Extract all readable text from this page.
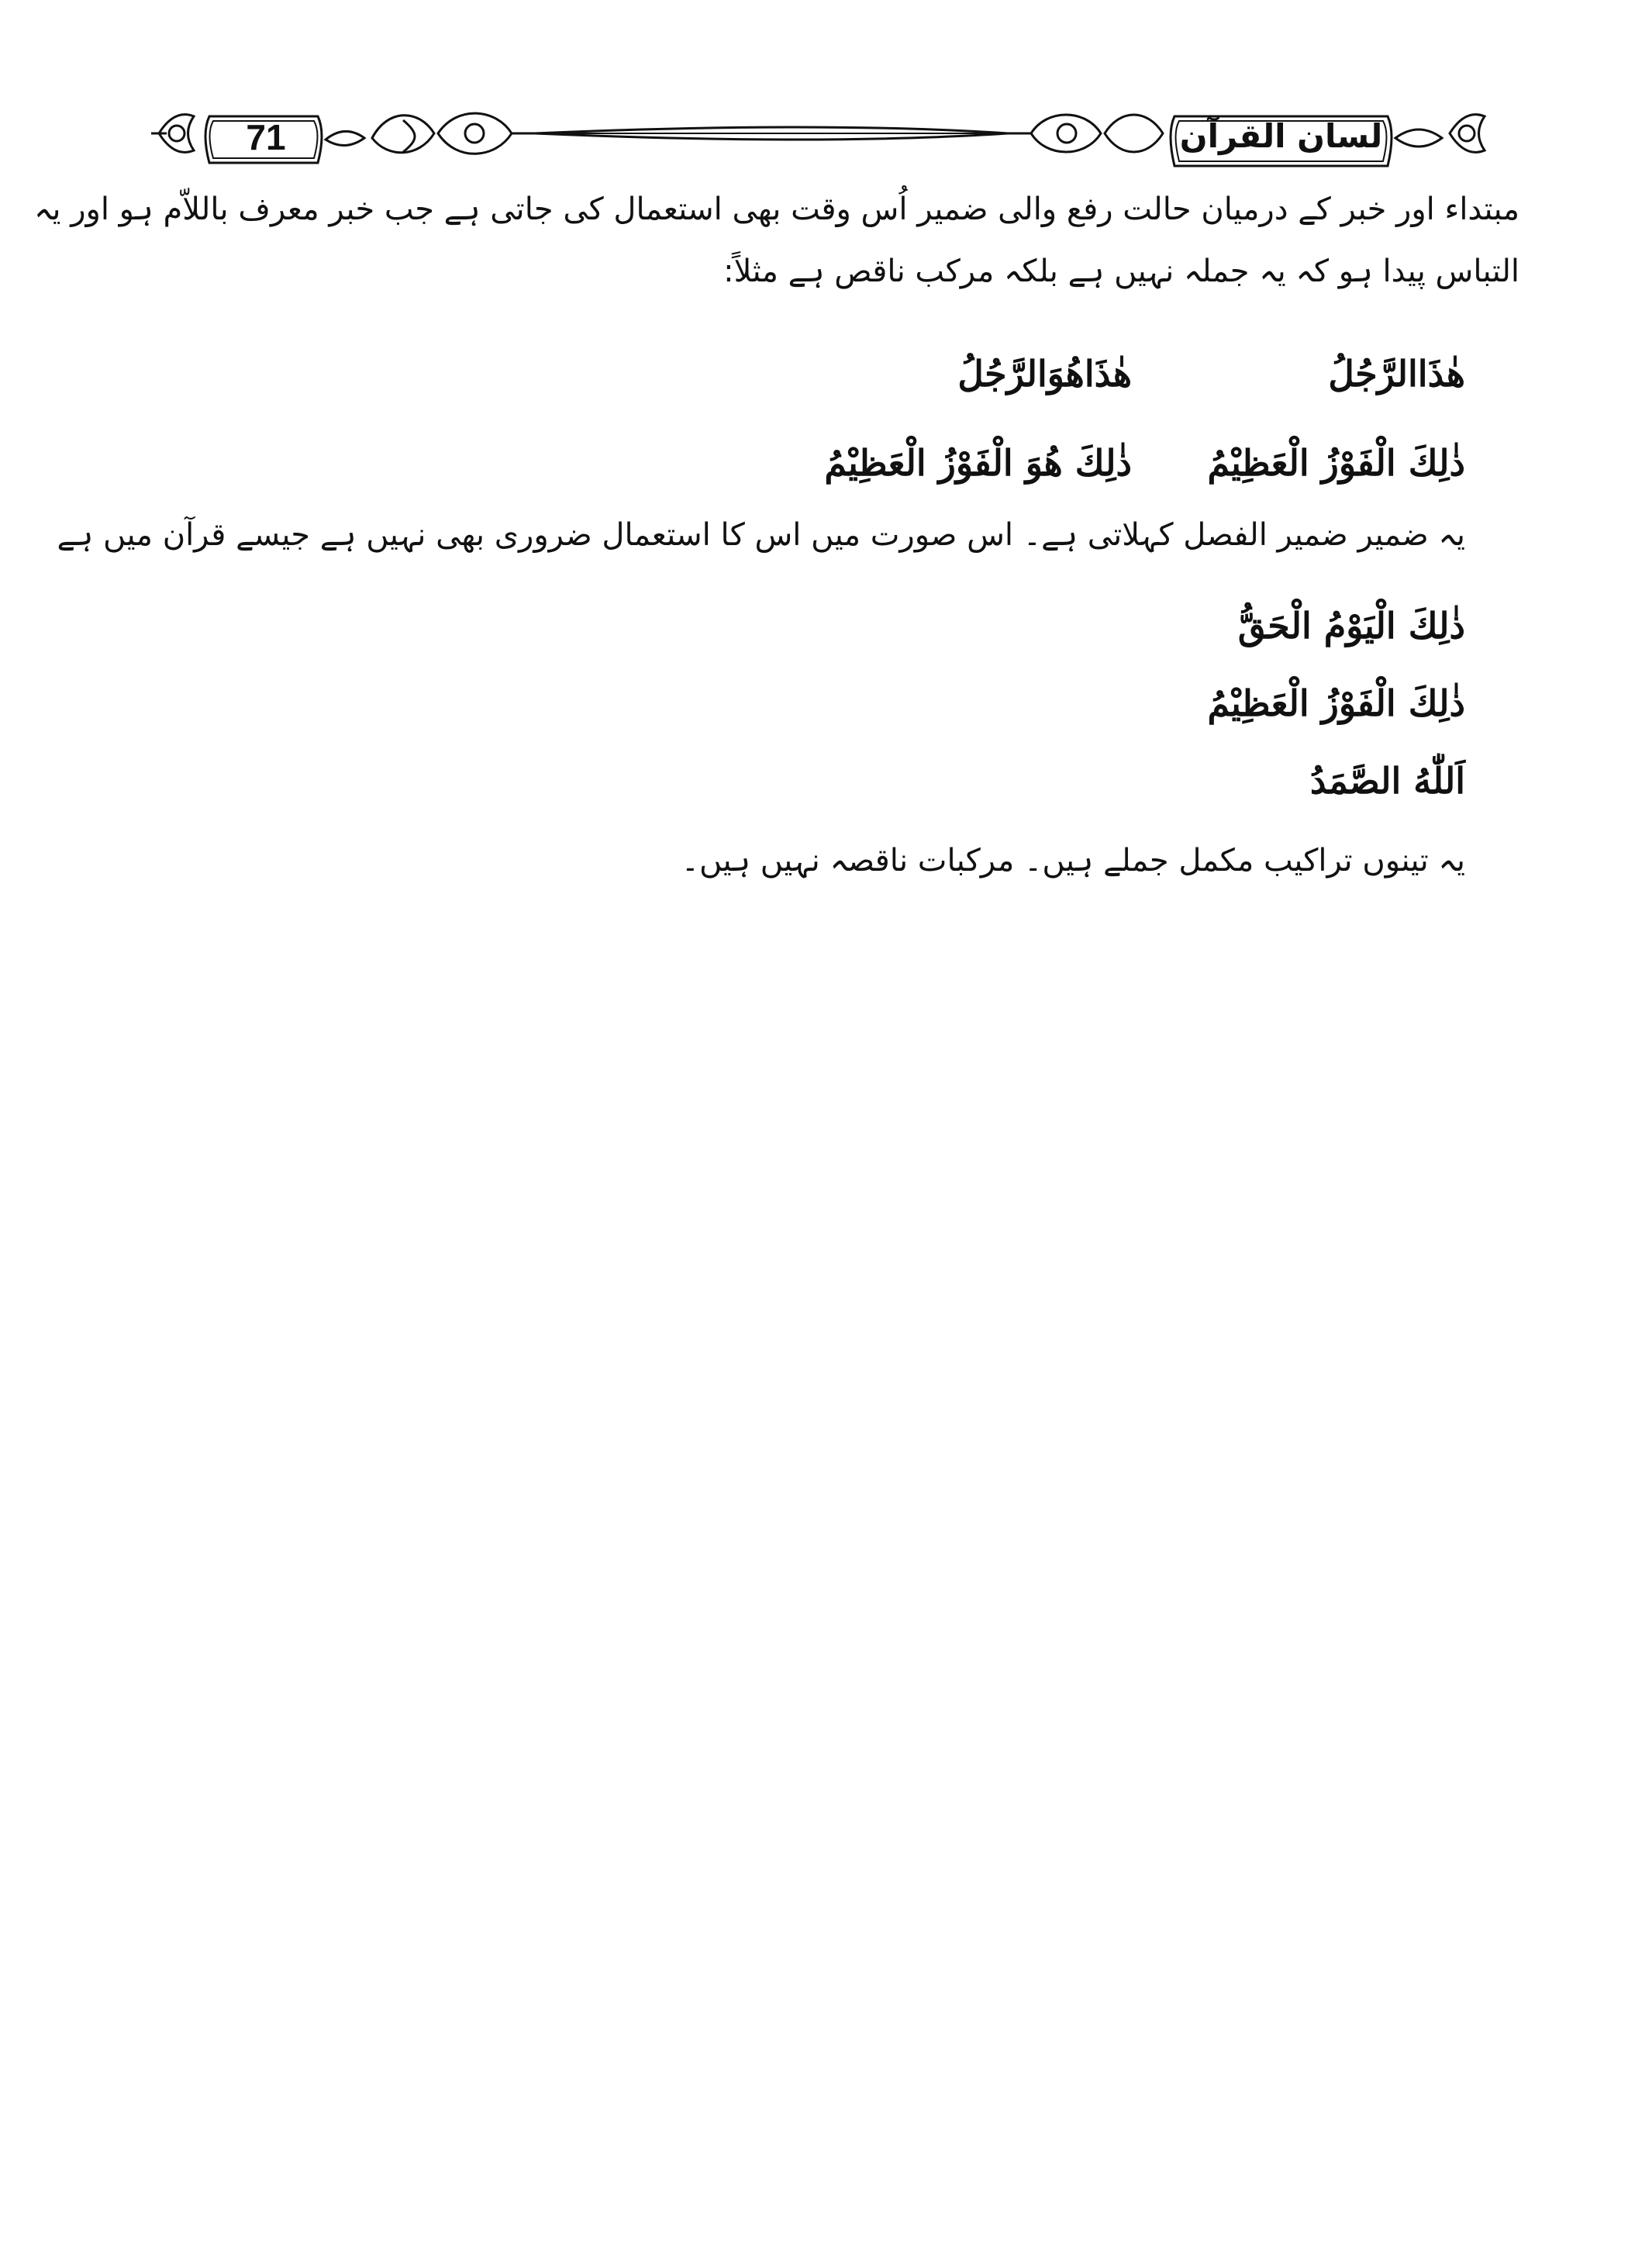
71	لسان القرآن
مبتداء اور خبر کے درمیان حالت رفع والی ضمیر اُس وقت بھی استعمال کی جاتی ہے جب خبر معرف باللاّم ہو اور یہ
التباس پیدا ہو کہ یہ جملہ نہیں ہے بلکہ مرکب ناقص ہے مثلاً:
هٰذَاالرَّجُلُ
هٰذَاهُوَالرَّجُلُ
ذٰلِكَ الْفَوْزُ الْعَظِيْمُ
ذٰلِكَ هُوَ الْفَوْزُ الْعَظِيْمُ
یہ ضمیر ضمیر الفصل کہلاتی ہے۔ اس صورت میں اس کا استعمال ضروری بھی نہیں ہے جیسے قرآن میں ہے
ذٰلِكَ الْيَوْمُ الْحَقُّ
ذٰلِكَ الْفَوْزُ الْعَظِيْمُ
اَللّٰهُ الصَّمَدُ
یہ تینوں تراکیب مکمل جملے ہیں۔ مرکبات ناقصہ نہیں ہیں۔
